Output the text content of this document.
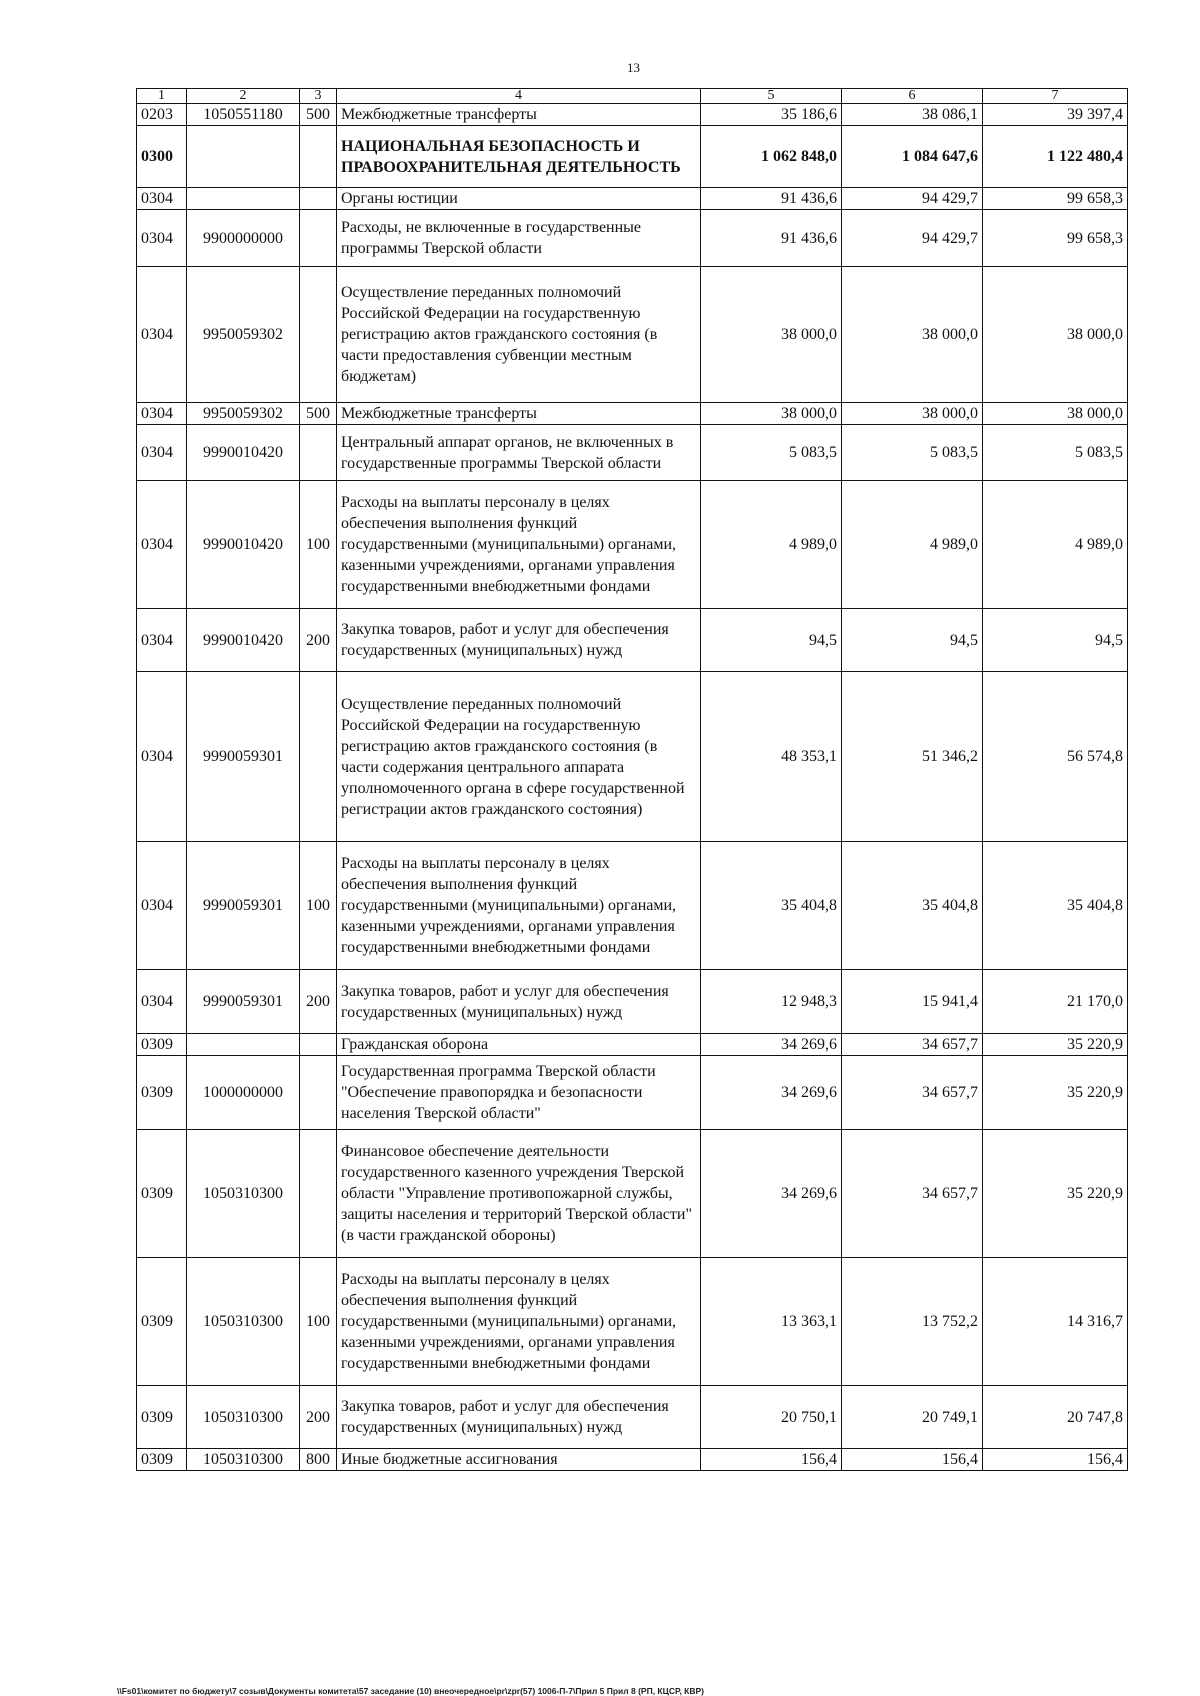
13
1	2	3	4	5	6	7
0203	1050551180	500	Межбюджетные трансферты	35 186,6	38 086,1	39 397,4
0300			НАЦИОНАЛЬНАЯ БЕЗОПАСНОСТЬ И ПРАВООХРАНИТЕЛЬНАЯ ДЕЯТЕЛЬНОСТЬ	1 062 848,0	1 084 647,6	1 122 480,4
0304			Органы юстиции	91 436,6	94 429,7	99 658,3
0304	9900000000		Расходы, не включенные в государственные программы Тверской области	91 436,6	94 429,7	99 658,3
0304	9950059302		Осуществление переданных полномочий Российской Федерации на государственную регистрацию актов гражданского состояния (в части предоставления субвенции местным бюджетам)	38 000,0	38 000,0	38 000,0
0304	9950059302	500	Межбюджетные трансферты	38 000,0	38 000,0	38 000,0
0304	9990010420		Центральный аппарат органов, не включенных в государственные программы Тверской области	5 083,5	5 083,5	5 083,5
0304	9990010420	100	Расходы на выплаты персоналу в целях обеспечения выполнения функций государственными (муниципальными) органами, казенными учреждениями, органами управления государственными внебюджетными фондами	4 989,0	4 989,0	4 989,0
0304	9990010420	200	Закупка товаров, работ и услуг для обеспечения государственных (муниципальных) нужд	94,5	94,5	94,5
0304	9990059301		Осуществление переданных полномочий Российской Федерации на государственную регистрацию актов гражданского состояния (в части содержания центрального аппарата уполномоченного органа в сфере государственной регистрации актов гражданского состояния)	48 353,1	51 346,2	56 574,8
0304	9990059301	100	Расходы на выплаты персоналу в целях обеспечения выполнения функций государственными (муниципальными) органами, казенными учреждениями, органами управления государственными внебюджетными фондами	35 404,8	35 404,8	35 404,8
0304	9990059301	200	Закупка товаров, работ и услуг для обеспечения государственных (муниципальных) нужд	12 948,3	15 941,4	21 170,0
0309			Гражданская оборона	34 269,6	34 657,7	35 220,9
0309	1000000000		Государственная программа Тверской области "Обеспечение правопорядка и безопасности населения Тверской области"	34 269,6	34 657,7	35 220,9
0309	1050310300		Финансовое обеспечение деятельности государственного казенного учреждения Тверской области "Управление противопожарной службы, защиты населения и территорий Тверской области" (в части гражданской обороны)	34 269,6	34 657,7	35 220,9
0309	1050310300	100	Расходы на выплаты персоналу в целях обеспечения выполнения функций государственными (муниципальными) органами, казенными учреждениями, органами управления государственными внебюджетными фондами	13 363,1	13 752,2	14 316,7
0309	1050310300	200	Закупка товаров, работ и услуг для обеспечения государственных (муниципальных) нужд	20 750,1	20 749,1	20 747,8
0309	1050310300	800	Иные бюджетные ассигнования	156,4	156,4	156,4
\\Fs01\комитет по бюджету\7 созыв\Документы комитета\57 заседание (10) внеочередное\pr\zpr(57) 1006-П-7\Прил 5 Прил 8 (РП, КЦСР, КВР)
